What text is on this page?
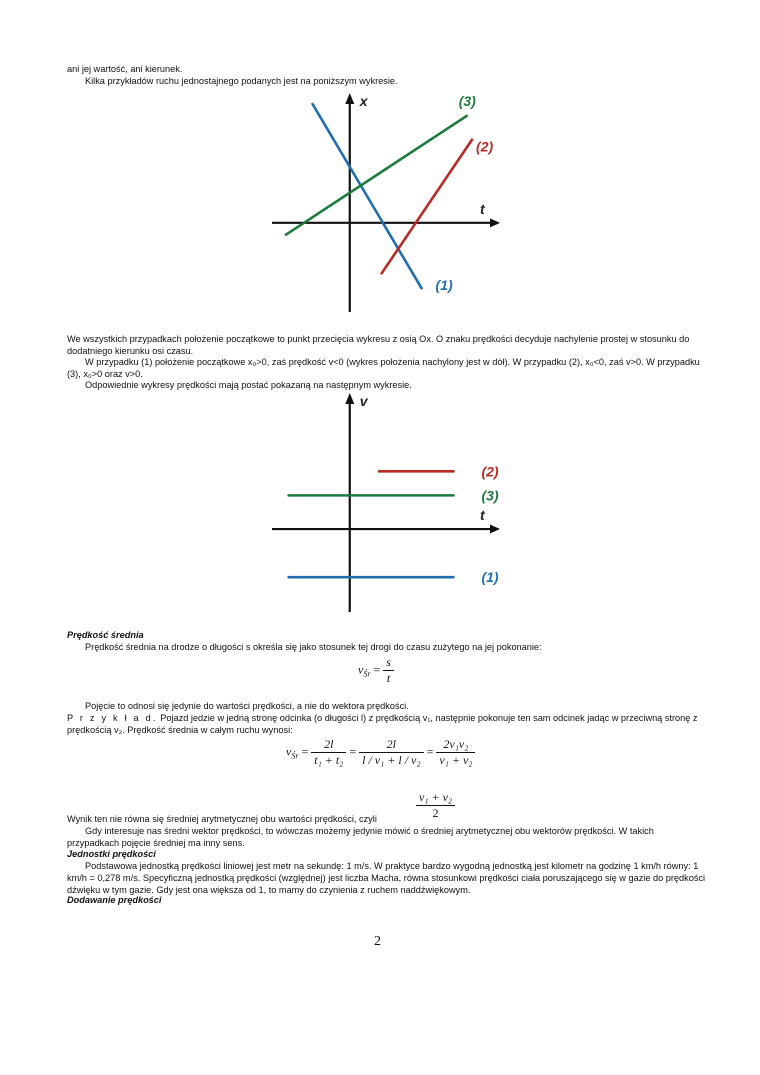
ani jej wartość, ani kierunek.

Kilka przykładów ruchu jednostajnego podanych jest na poniższym wykresie.

t
x
(1)
(2)
(3)

We wszystkich przypadkach położenie początkowe to punkt przecięcia wykresu z osią Ox. O znaku prędkości decyduje nachylenie prostej w stosunku do dodatniego kierunku osi czasu.

W przypadku (1) położenie początkowe x₀>0, zaś prędkość v<0 (wykres położenia nachylony jest w dół). W przypadku (2), x₀<0, zaś v>0. W przypadku (3), x₀>0 oraz v>0.

Odpowiednie wykresy prędkości mają postać pokazaną na następnym wykresie.

t
v
(2)
(3)
(1)

Prędkość średnia

Prędkość średnia na drodze o długości s określa się jako stosunek tej drogi do czasu zużytego na jej pokonanie:

$v_{Śr} = \frac{s}{t}$

Pojęcie to odnosi się jedynie do wartości prędkości, a nie do wektora prędkości.

P r z y k ł a d. Pojazd jedzie w jedną stronę odcinka (o długości l) z prędkością v₁, następnie pokonuje ten sam odcinek jadąc w przeciwną stronę z prędkością v₂. Prędkość średnia w całym ruchu wynosi:

$v_{Śr} = \frac{2l}{\text{t₁ + t₂}} = \frac{2l}{\text{l / v₁ + l / v₂}} = \frac{\text{2v₁v₂}}{\text{v₁ + v₂}}$
$\frac{\text{v₁ + v₂}}{2}$

Wynik ten nie równa się średniej arytmetycznej obu wartości prędkości, czyli

Gdy interesuje nas średni wektor prędkości, to wówczas możemy jedynie mówić o średniej arytmetycznej obu wektorów prędkości. W takich przypadkach pojęcie średniej ma inny sens.

Jednostki prędkości

Podstawowa jednostką prędkości liniowej jest metr na sekundę: 1 m/s. W praktyce bardzo wygodną jednostką jest kilometr na godzinę 1 km/h równy: 1 km/h = 0,278 m/s. Specyficzną jednostką prędkości (względnej) jest liczba Macha, równa stosunkowi prędkości ciała poruszającego się w gazie do prędkości dźwięku w tym gazie. Gdy jest ona większa od 1, to mamy do czynienia z ruchem naddźwiękowym.

Dodawanie prędkości

2
